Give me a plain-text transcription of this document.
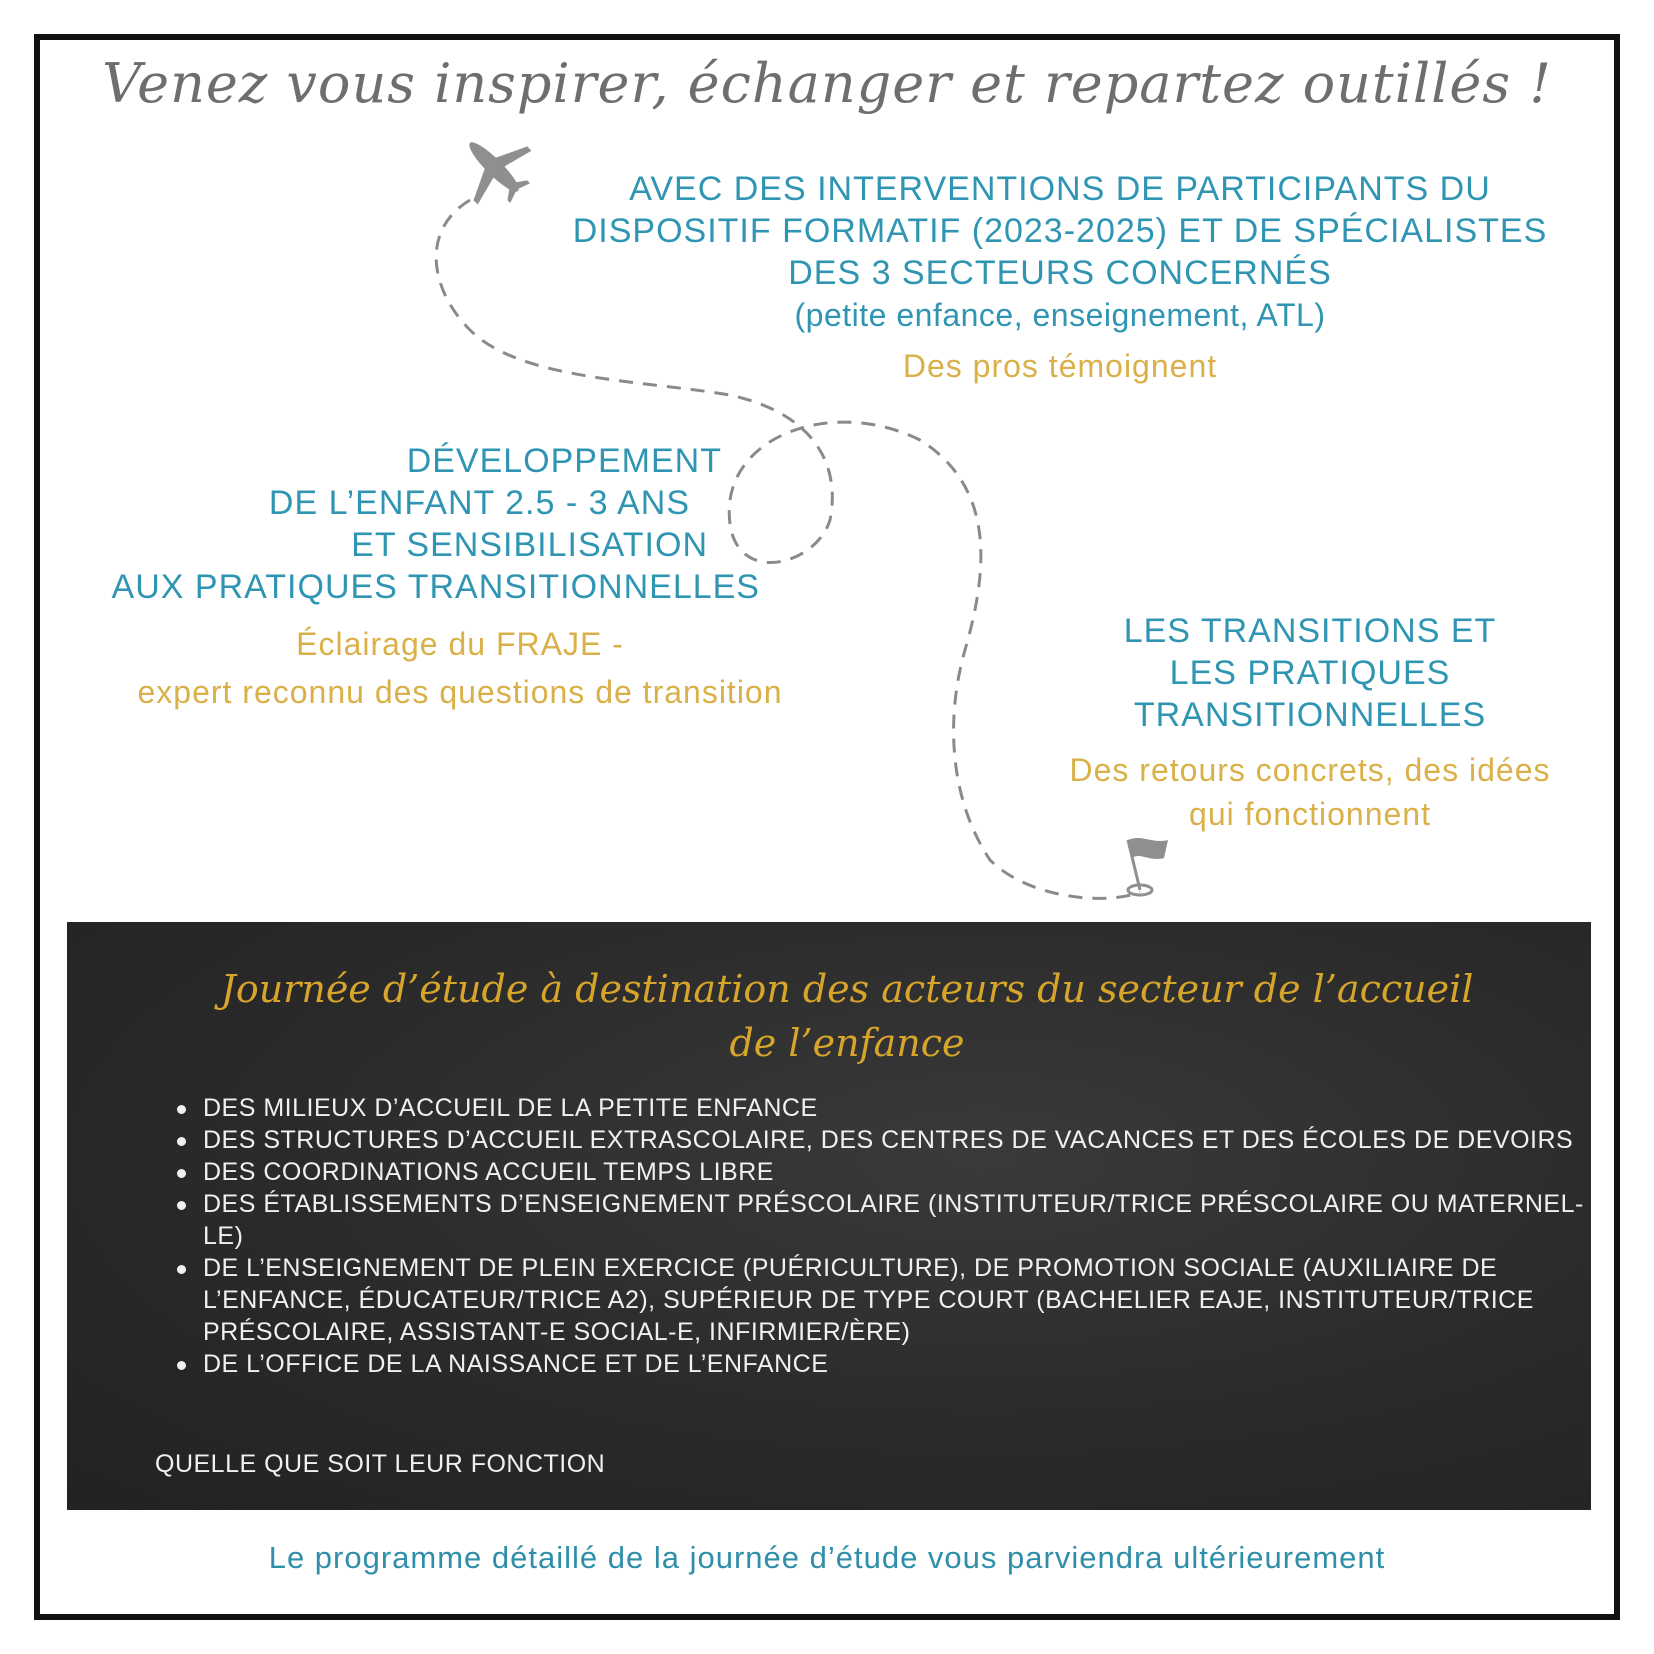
Venez vous inspirer, échanger et repartez outillés !
AVEC DES INTERVENTIONS DE PARTICIPANTS DU
DISPOSITIF FORMATIF (2023-2025) ET DE SPÉCIALISTES
DES 3 SECTEURS CONCERNÉS
(petite enfance, enseignement, ATL)
Des pros témoignent
DÉVELOPPEMENT
DE L’ENFANT 2.5 - 3 ANS
ET SENSIBILISATION
AUX PRATIQUES TRANSITIONNELLES
Éclairage du FRAJE -
expert reconnu des questions de transition
LES TRANSITIONS ET
LES PRATIQUES
TRANSITIONNELLES
Des retours concrets, des idées
qui fonctionnent
Journée d’étude à destination des acteurs du secteur de l’accueil
de l’enfance
DES MILIEUX D’ACCUEIL DE LA PETITE ENFANCE
DES STRUCTURES D’ACCUEIL EXTRASCOLAIRE, DES CENTRES DE VACANCES ET DES ÉCOLES DE DEVOIRS
DES COORDINATIONS ACCUEIL TEMPS LIBRE
DES ÉTABLISSEMENTS D’ENSEIGNEMENT PRÉSCOLAIRE (INSTITUTEUR/TRICE PRÉSCOLAIRE OU MATERNEL-LE)
DE L’ENSEIGNEMENT DE PLEIN EXERCICE (PUÉRICULTURE), DE PROMOTION SOCIALE (AUXILIAIRE DE L’ENFANCE, ÉDUCATEUR/TRICE A2), SUPÉRIEUR DE TYPE COURT (BACHELIER EAJE, INSTITUTEUR/TRICE PRÉSCOLAIRE, ASSISTANT-E SOCIAL-E, INFIRMIER/ÈRE)
DE L’OFFICE DE LA NAISSANCE ET DE L’ENFANCE
QUELLE QUE SOIT LEUR FONCTION
Le programme détaillé de la journée d’étude vous parviendra ultérieurement
